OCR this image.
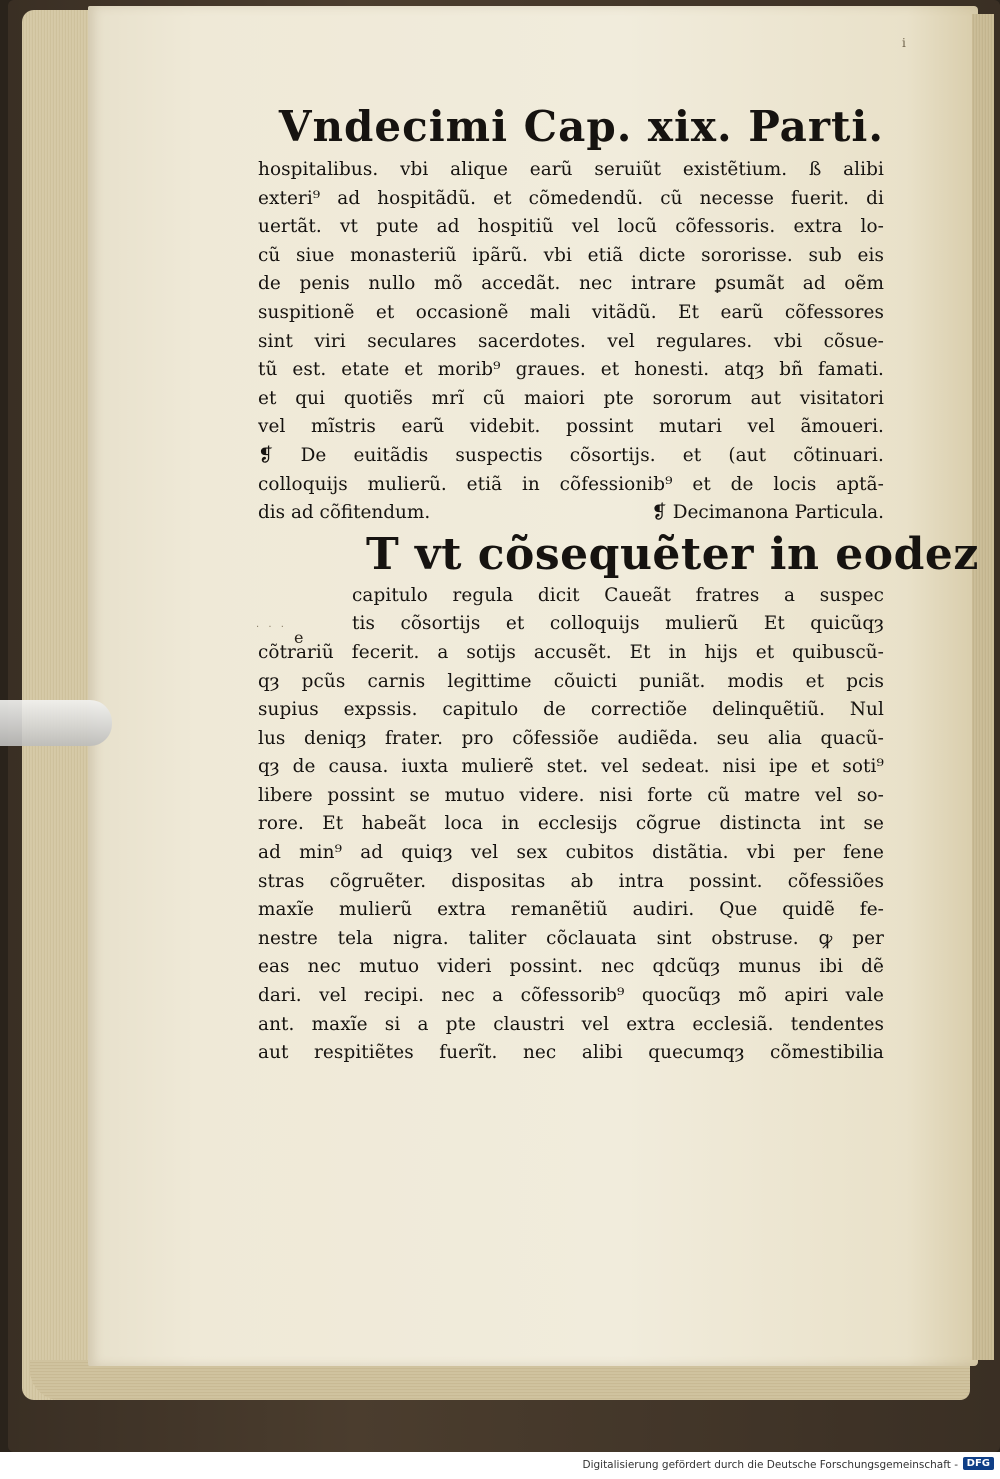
i
· · ·
e
Vndecimi Cap. xix. Parti.
hospitalibus. vbi alique earũ seruiũt existẽtium. ß alibi
exteri⁹ ad hospitãdũ. et cõmedendũ. cũ necesse fuerit. di
uertãt. vt pute ad hospitiũ vel locũ cõfessoris. extra lo-
cũ siue monasteriũ ipãrũ. vbi etiã dicte sororisse. sub eis
de penis nullo mõ accedãt. nec intrare ꝑsumãt ad oẽm
suspitionẽ et occasionẽ mali vitãdũ. Et earũ cõfessores
sint viri seculares sacerdotes. vel regulares. vbi cõsue-
tũ est. etate et morib⁹ graues. et honesti. atqȝ bñ famati.
et qui quotiẽs mrĩ cũ maiori pte sororum aut visitatori
vel mĩstris earũ videbit. possint mutari vel ãmoueri.
❡ De euitãdis suspectis cõsortijs. et (aut cõtinuari.
colloquijs mulierũ. etiã in cõfessionib⁹ et de locis aptã-
dis ad cõfitendum.	❡ Decimanona Particula.
T vt cõsequẽter in eodez
capitulo regula dicit Caueãt fratres a suspec
tis cõsortijs et colloquijs mulierũ Et quicũqȝ
cõtrariũ fecerit. a sotijs accusẽt. Et in hijs et quibuscũ-
qȝ pcũs carnis legittime cõuicti puniãt. modis et pcis
supius expssis. capitulo de correctiõe delinquẽtiũ. Nul
lus deniqȝ frater. pro cõfessiõe audiẽda. seu alia quacũ-
qȝ de causa. iuxta mulierẽ stet. vel sedeat. nisi ipe et soti⁹
libere possint se mutuo videre. nisi forte cũ matre vel so-
rore. Et habeãt loca in ecclesijs cõgrue distincta int se
ad min⁹ ad quiqȝ vel sex cubitos distãtia. vbi per fene
stras cõgruẽter. dispositas ab intra possint. cõfessiões
maxĩe mulierũ extra remanẽtiũ audiri. Que quidẽ fe-
nestre tela nigra. taliter cõclauata sint obstruse. ꝙ per
eas nec mutuo videri possint. nec qdcũqȝ munus ibi dẽ
dari. vel recipi. nec a cõfessorib⁹ quocũqȝ mõ apiri vale
ant. maxĩe si a pte claustri vel extra ecclesiã. tendentes
aut respitiẽtes fuerĩt. nec alibi quecumqȝ cõmestibilia
Digitalisierung gefördert durch die Deutsche Forschungsgemeinschaft - DFG
